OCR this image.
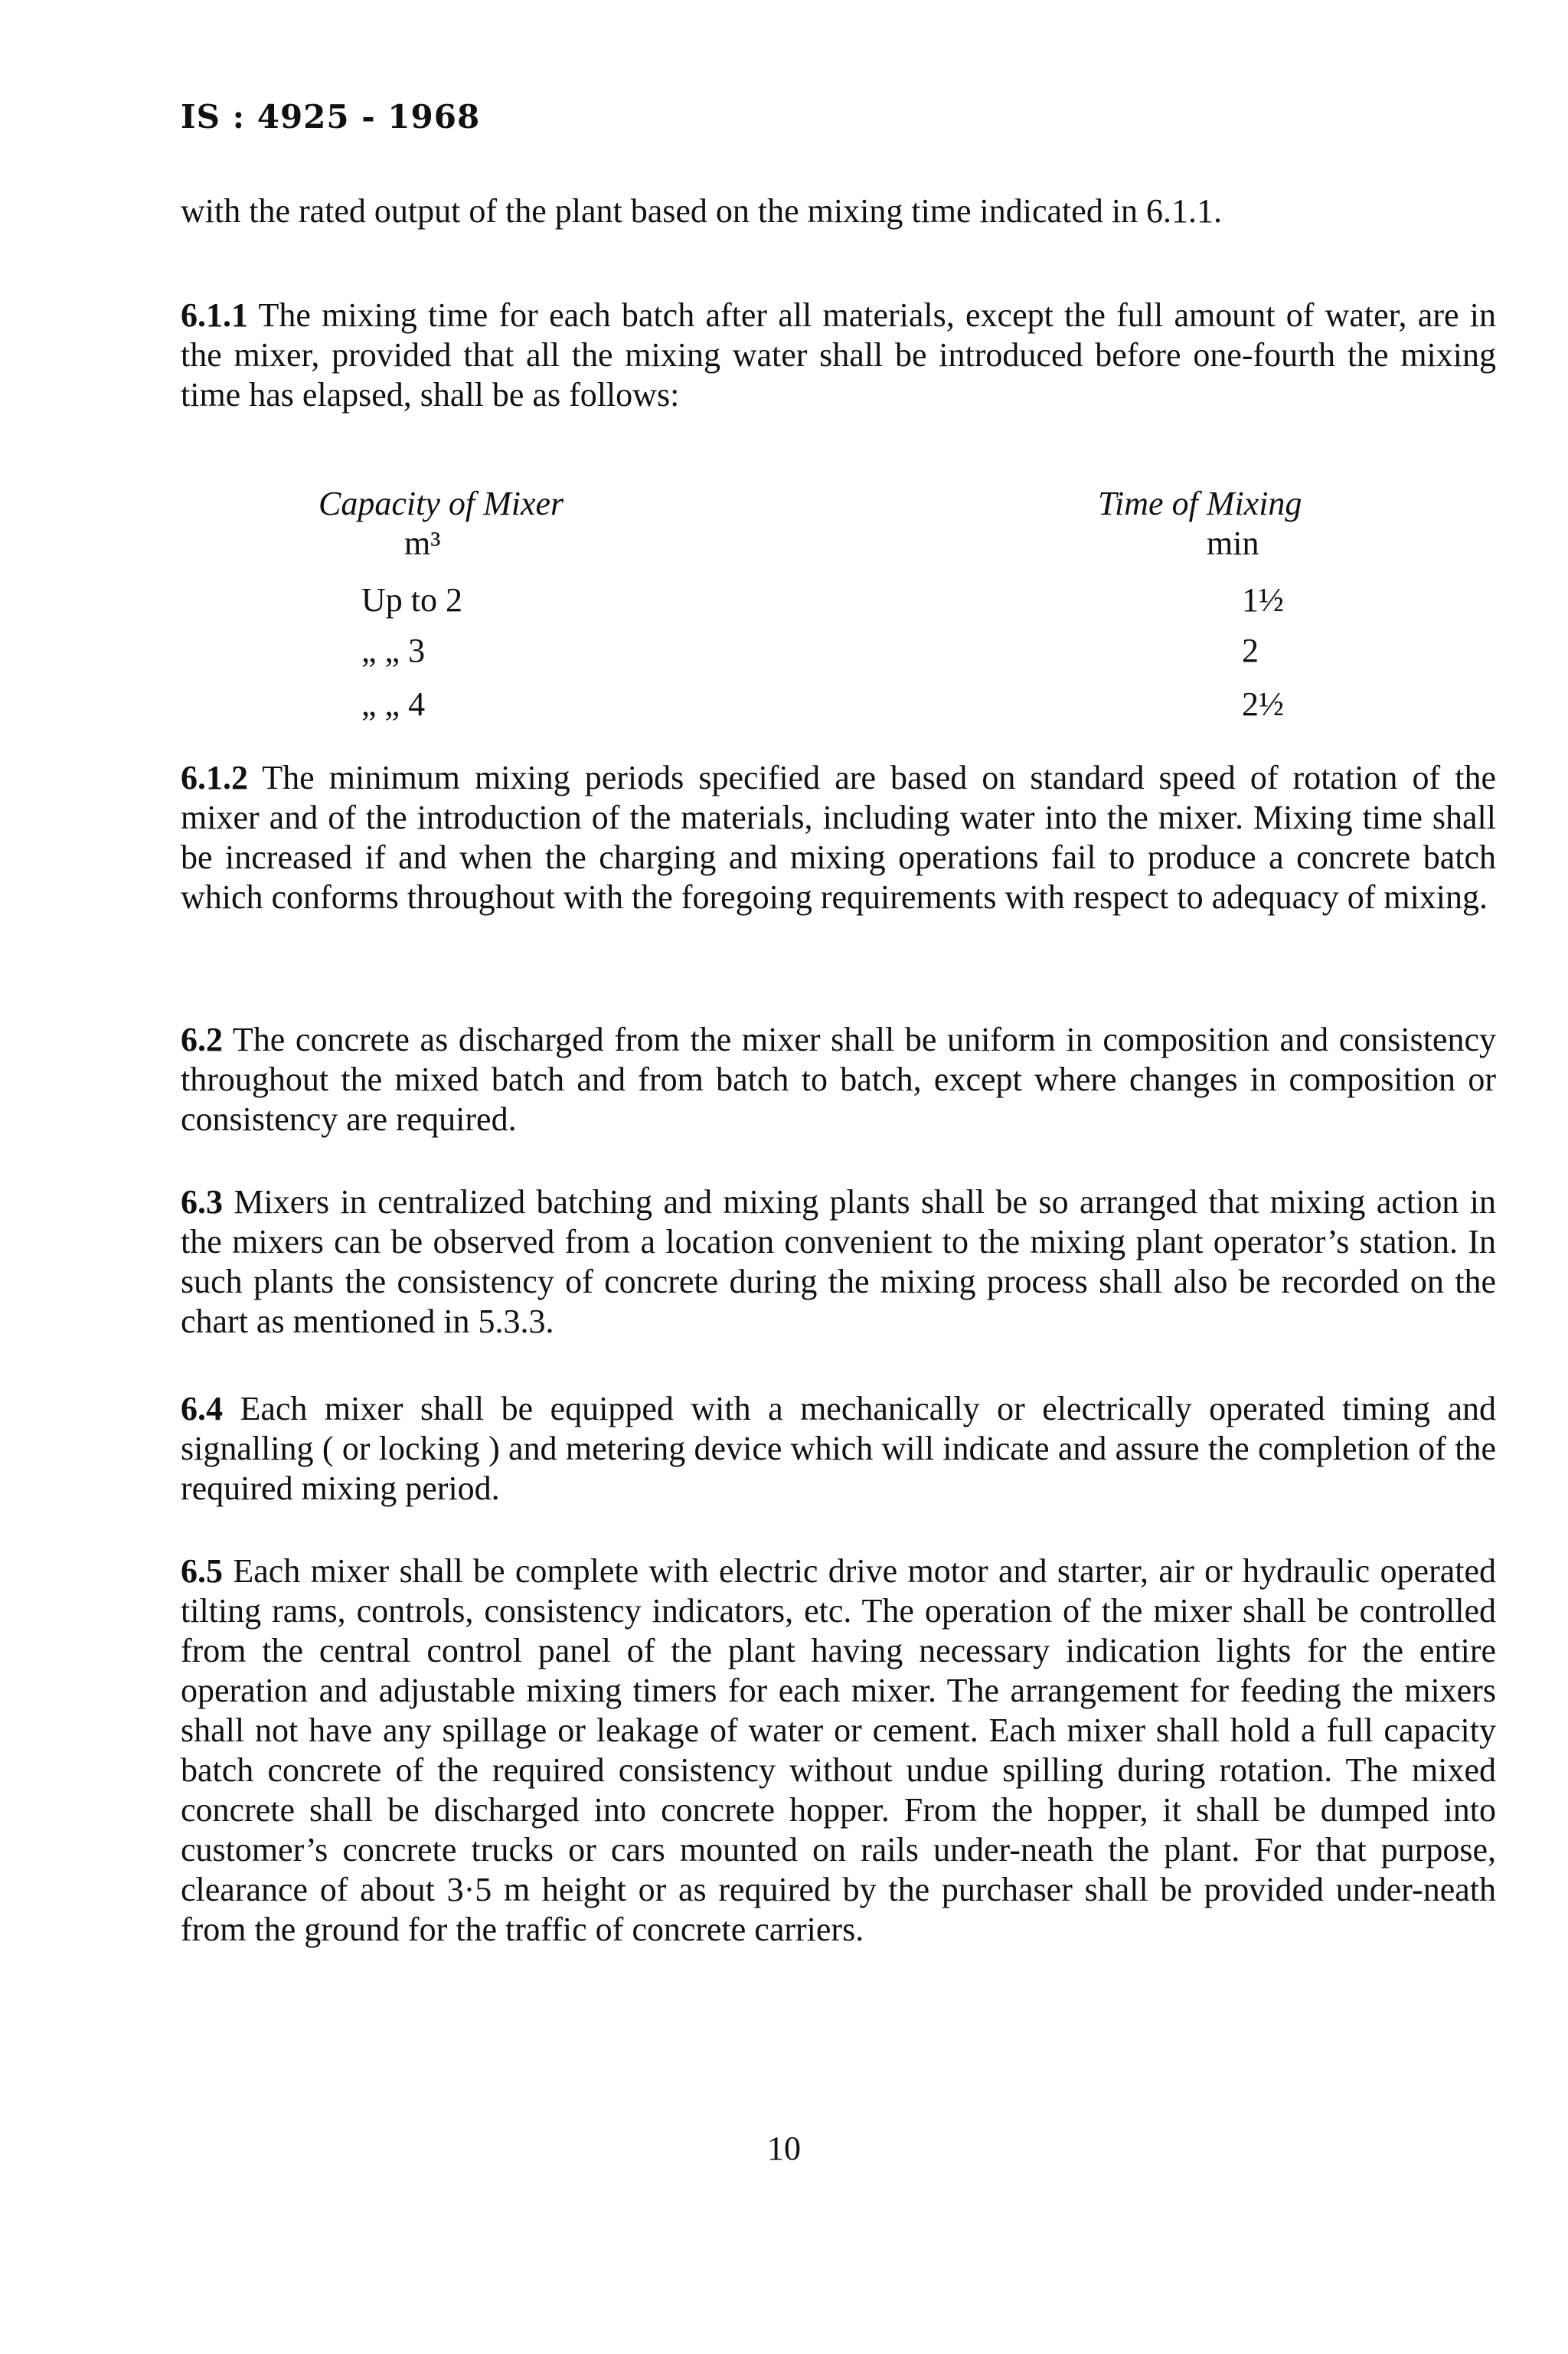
IS : 4925 - 1968

with the rated output of the plant based on the mixing time indicated in 6.1.1.

6.1.1 The mixing time for each batch after all materials, except the full amount of water, are in the mixer, provided that all the mixing water shall be introduced before one-fourth the mixing time has elapsed, shall be as follows:

Capacity of Mixer	Time of Mixing
m³	min
Up to 2	1½
„ „ 3	2
„ „ 4	2½

6.1.2 The minimum mixing periods specified are based on standard speed of rotation of the mixer and of the introduction of the materials, including water into the mixer. Mixing time shall be increased if and when the charging and mixing operations fail to produce a concrete batch which conforms throughout with the foregoing requirements with respect to adequacy of mixing.

6.2 The concrete as discharged from the mixer shall be uniform in composition and consistency throughout the mixed batch and from batch to batch, except where changes in composition or consistency are required.

6.3 Mixers in centralized batching and mixing plants shall be so arranged that mixing action in the mixers can be observed from a location convenient to the mixing plant operator’s station. In such plants the consistency of concrete during the mixing process shall also be recorded on the chart as mentioned in 5.3.3.

6.4 Each mixer shall be equipped with a mechanically or electrically operated timing and signalling ( or locking ) and metering device which will indicate and assure the completion of the required mixing period.

6.5 Each mixer shall be complete with electric drive motor and starter, air or hydraulic operated tilting rams, controls, consistency indicators, etc. The operation of the mixer shall be controlled from the central control panel of the plant having necessary indication lights for the entire operation and adjustable mixing timers for each mixer. The arrangement for feeding the mixers shall not have any spillage or leakage of water or cement. Each mixer shall hold a full capacity batch concrete of the required consistency without undue spilling during rotation. The mixed concrete shall be discharged into concrete hopper. From the hopper, it shall be dumped into customer’s concrete trucks or cars mounted on rails under-neath the plant. For that purpose, clearance of about 3·5 m height or as required by the purchaser shall be provided under-neath from the ground for the traffic of concrete carriers.

10
